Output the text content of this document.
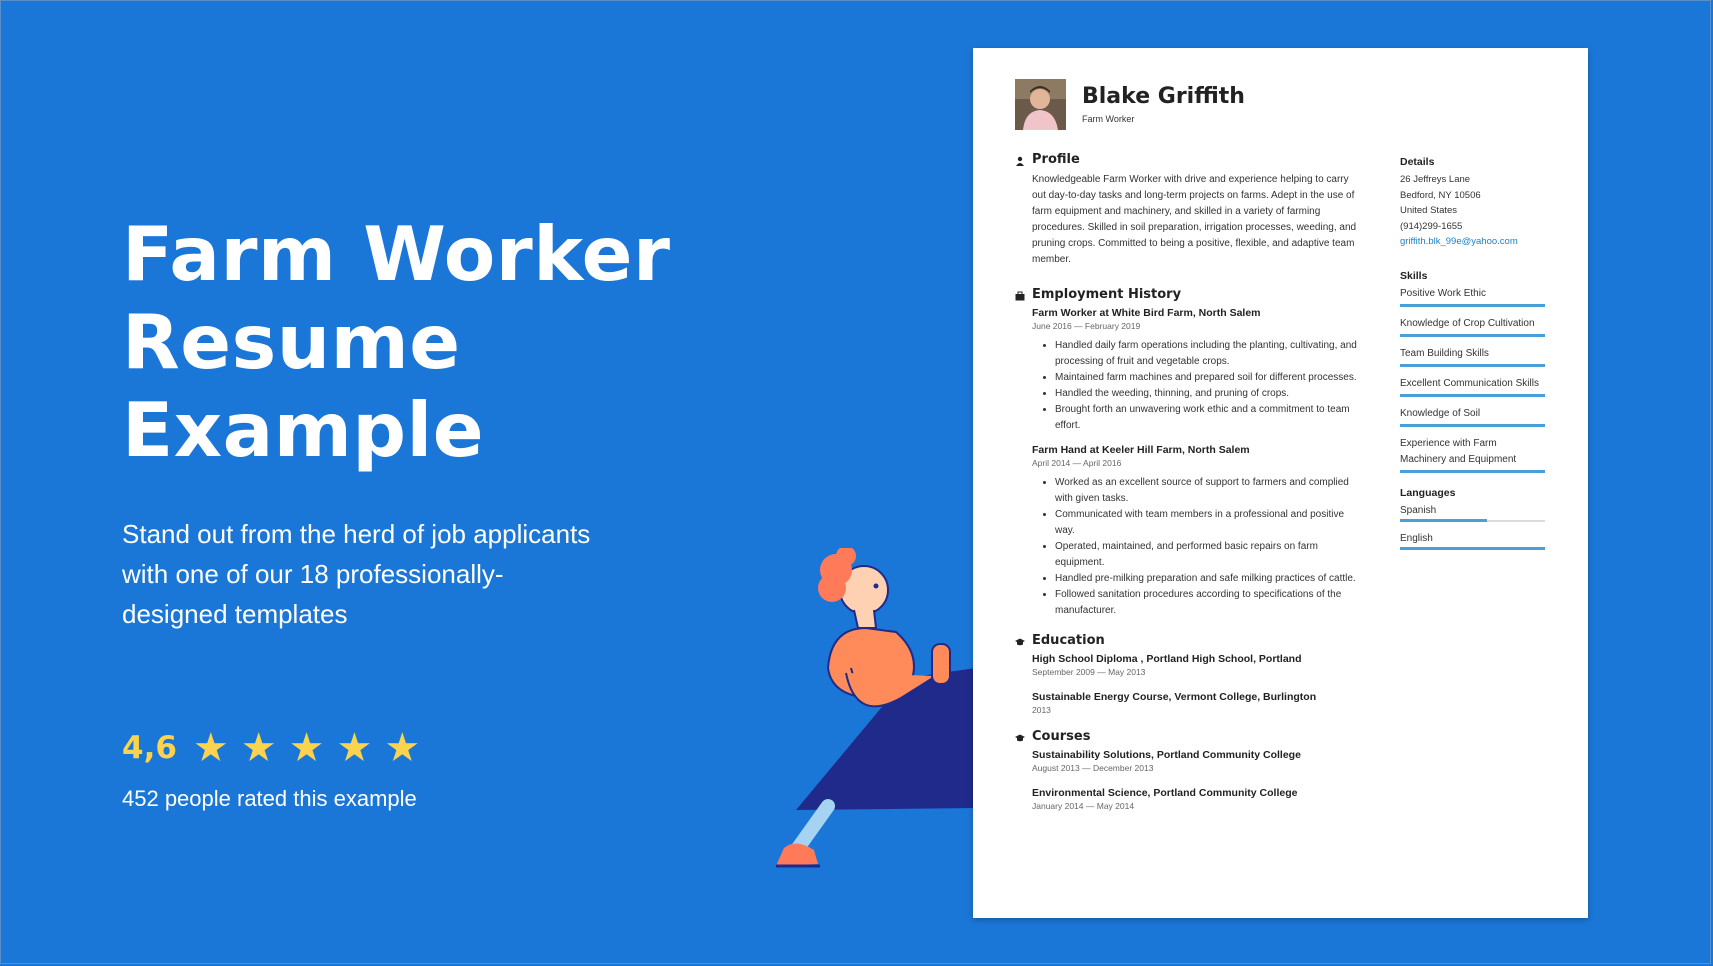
Farm Worker
Resume Example
Stand out from the herd of job applicants with one of our 18 professionally-designed templates
4,6 ★ ★ ★ ★ ★
452 people rated this example
Blake Griffith
Farm Worker
Profile

Knowledgeable Farm Worker with drive and experience helping to carry out day-to-day tasks and long-term projects on farms. Adept in the use of farm equipment and machinery, and skilled in a variety of farming procedures. Skilled in soil preparation, irrigation processes, weeding, and pruning crops. Committed to being a positive, flexible, and adaptive team member.

Employment History
Farm Worker at White Bird Farm, North Salem
June 2016 — February 2019
• Handled daily farm operations including the planting, cultivating, and processing of fruit and vegetable crops.
• Maintained farm machines and prepared soil for different processes.
• Handled the weeding, thinning, and pruning of crops.
• Brought forth an unwavering work ethic and a commitment to team effort.
Farm Hand at Keeler Hill Farm, North Salem
April 2014 — April 2016
• Worked as an excellent source of support to farmers and complied with given tasks.
• Communicated with team members in a professional and positive way.
• Operated, maintained, and performed basic repairs on farm equipment.
• Handled pre-milking preparation and safe milking practices of cattle.
• Followed sanitation procedures according to specifications of the manufacturer.
Education
High School Diploma , Portland High School, Portland
September 2009 — May 2013
Sustainable Energy Course, Vermont College, Burlington
2013
Courses
Sustainability Solutions, Portland Community College
August 2013 — December 2013
Environmental Science, Portland Community College
January 2014 — May 2014
Details
26 Jeffreys Lane
Bedford, NY 10506
United States
(914)299-1655
griffith.blk_99e@yahoo.com
Skills
Positive Work Ethic
Knowledge of Crop Cultivation
Team Building Skills
Excellent Communication Skills
Knowledge of Soil
Experience with Farm Machinery and Equipment
Languages
Spanish
English
